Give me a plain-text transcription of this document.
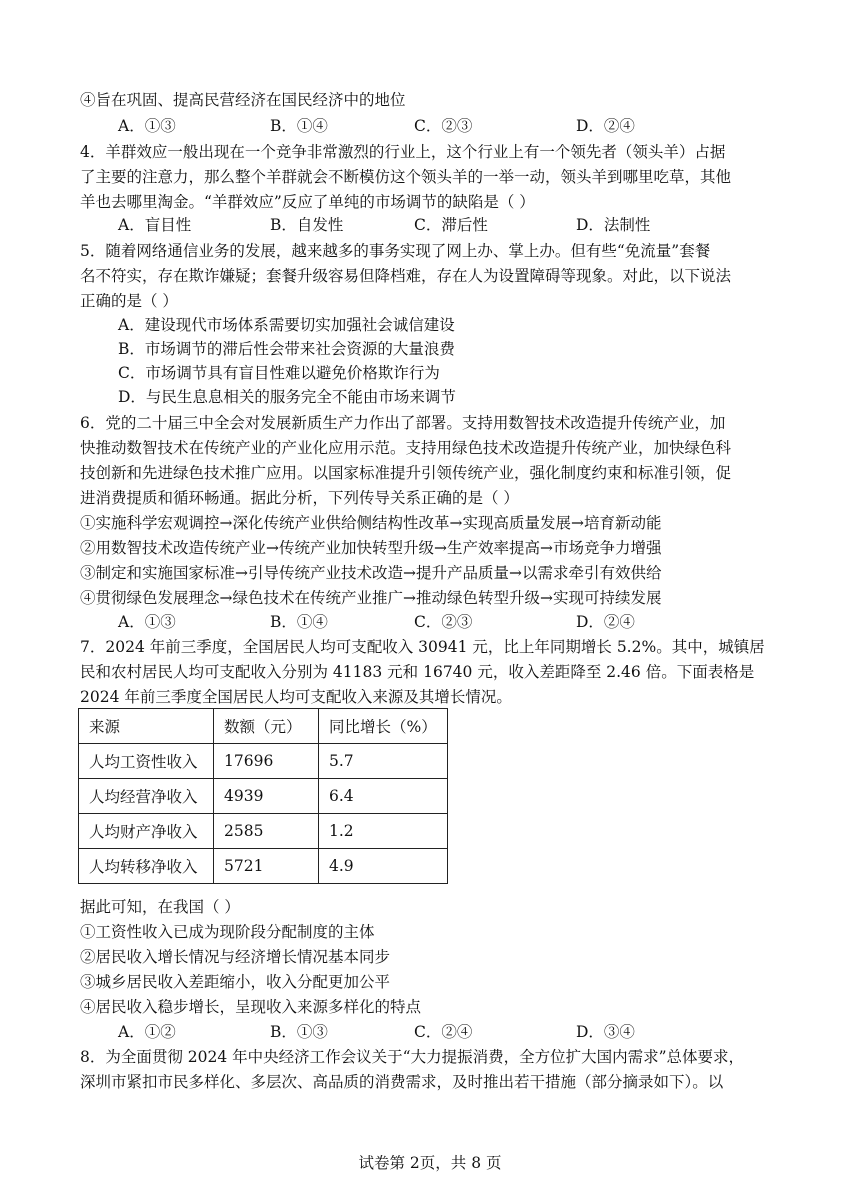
④旨在巩固、提高民营经济在国民经济中的地位
A．①③	B．①④	C．②③	D．②④
4．羊群效应一般出现在一个竞争非常激烈的行业上，这个行业上有一个领先者（领头羊）占据
了主要的注意力，那么整个羊群就会不断模仿这个领头羊的一举一动，领头羊到哪里吃草，其他
羊也去哪里淘金。“羊群效应”反应了单纯的市场调节的缺陷是（ ）
A．盲目性	B．自发性	C．滞后性	D．法制性
5．随着网络通信业务的发展，越来越多的事务实现了网上办、掌上办。但有些“免流量”套餐
名不符实，存在欺诈嫌疑；套餐升级容易但降档难，存在人为设置障碍等现象。对此，以下说法
正确的是（ ）
A．建设现代市场体系需要切实加强社会诚信建设
B．市场调节的滞后性会带来社会资源的大量浪费
C．市场调节具有盲目性难以避免价格欺诈行为
D．与民生息息相关的服务完全不能由市场来调节
6．党的二十届三中全会对发展新质生产力作出了部署。支持用数智技术改造提升传统产业，加
快推动数智技术在传统产业的产业化应用示范。支持用绿色技术改造提升传统产业，加快绿色科
技创新和先进绿色技术推广应用。以国家标准提升引领传统产业，强化制度约束和标准引领，促
进消费提质和循环畅通。据此分析，下列传导关系正确的是（ ）
①实施科学宏观调控→深化传统产业供给侧结构性改革→实现高质量发展→培育新动能
②用数智技术改造传统产业→传统产业加快转型升级→生产效率提高→市场竞争力增强
③制定和实施国家标准→引导传统产业技术改造→提升产品质量→以需求牵引有效供给
④贯彻绿色发展理念→绿色技术在传统产业推广→推动绿色转型升级→实现可持续发展
A．①③	B．①④	C．②③	D．②④
7．2024 年前三季度，全国居民人均可支配收入 30941 元，比上年同期增长 5.2%。其中，城镇居
民和农村居民人均可支配收入分别为 41183 元和 16740 元，收入差距降至 2.46 倍。下面表格是
2024 年前三季度全国居民人均可支配收入来源及其增长情况。
来源	数额（元）	同比增长（%）
人均工资性收入	17696	5.7
人均经营净收入	4939	6.4
人均财产净收入	2585	1.2
人均转移净收入	5721	4.9
据此可知，在我国（ ）
①工资性收入已成为现阶段分配制度的主体
②居民收入增长情况与经济增长情况基本同步
③城乡居民收入差距缩小，收入分配更加公平
④居民收入稳步增长，呈现收入来源多样化的特点
A．①②	B．①③	C．②④	D．③④
8．为全面贯彻 2024 年中央经济工作会议关于“大力提振消费，全方位扩大国内需求”总体要求，
深圳市紧扣市民多样化、多层次、高品质的消费需求，及时推出若干措施（部分摘录如下）。以
试卷第 2页，共 8 页
